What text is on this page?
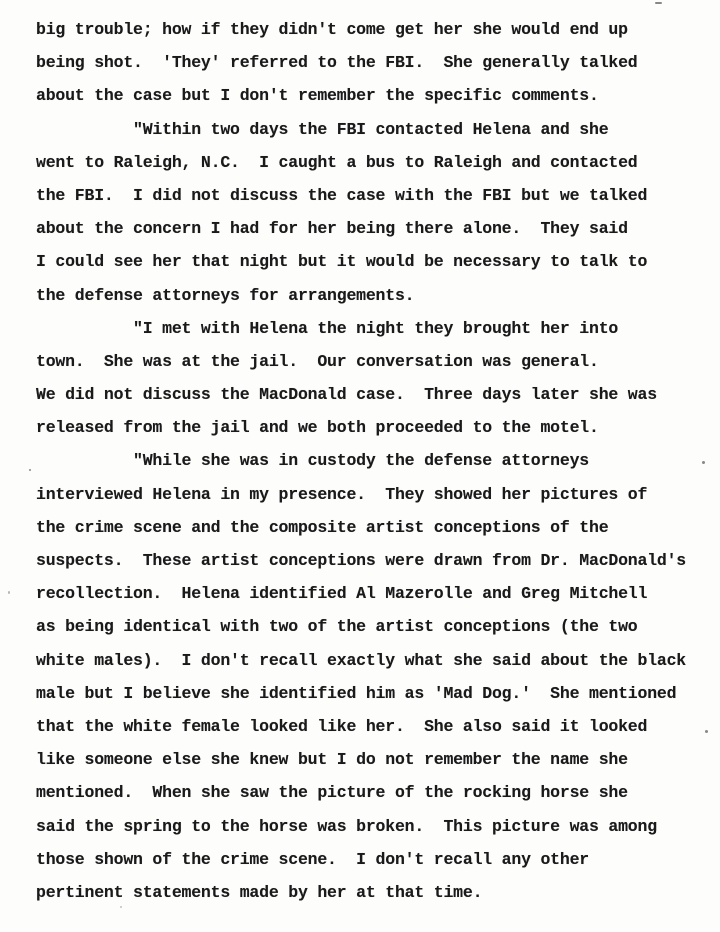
big trouble; how if they didn't come get her she would end up
being shot.  'They' referred to the FBI.  She generally talked
about the case but I don't remember the specific comments.
"Within two days the FBI contacted Helena and she
went to Raleigh, N.C.  I caught a bus to Raleigh and contacted
the FBI.  I did not discuss the case with the FBI but we talked
about the concern I had for her being there alone.  They said
I could see her that night but it would be necessary to talk to
the defense attorneys for arrangements.
"I met with Helena the night they brought her into
town.  She was at the jail.  Our conversation was general.
We did not discuss the MacDonald case.  Three days later she was
released from the jail and we both proceeded to the motel.
"While she was in custody the defense attorneys
interviewed Helena in my presence.  They showed her pictures of
the crime scene and the composite artist conceptions of the
suspects.  These artist conceptions were drawn from Dr. MacDonald's
recollection.  Helena identified Al Mazerolle and Greg Mitchell
as being identical with two of the artist conceptions (the two
white males).  I don't recall exactly what she said about the black
male but I believe she identified him as 'Mad Dog.'  She mentioned
that the white female looked like her.  She also said it looked
like someone else she knew but I do not remember the name she
mentioned.  When she saw the picture of the rocking horse she
said the spring to the horse was broken.  This picture was among
those shown of the crime scene.  I don't recall any other
pertinent statements made by her at that time.
